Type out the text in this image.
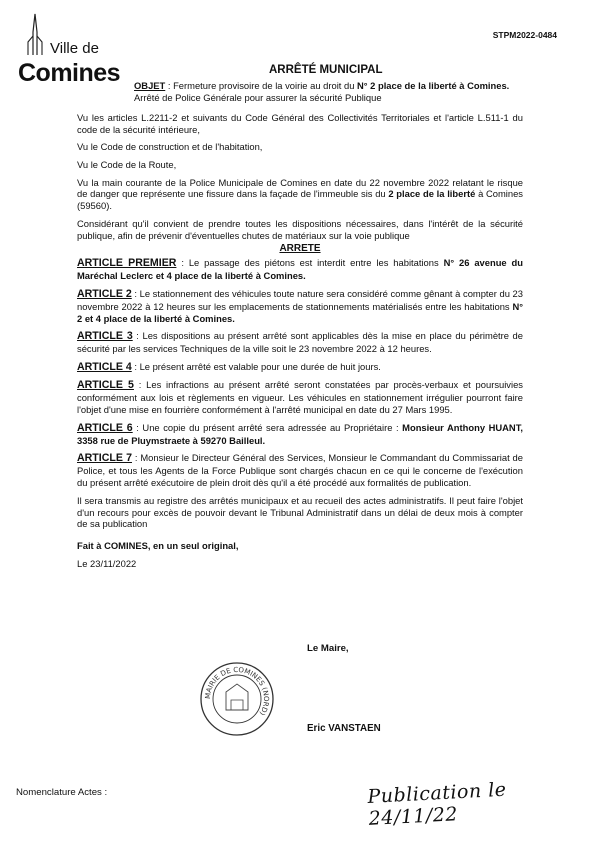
Ville de
Comines
STPM2022-0484
ARRÊTÉ MUNICIPAL

OBJET : Fermeture provisoire de la voirie au droit du N° 2 place de la liberté à Comines.
Arrêté de Police Générale pour assurer la sécurité Publique

Vu les articles L.2211-2 et suivants du Code Général des Collectivités Territoriales et l'article L.511-1 du code de la sécurité intérieure,

Vu le Code de construction et de l'habitation,

Vu le Code de la Route,

Vu la main courante de la Police Municipale de Comines en date du 22 novembre 2022 relatant le risque de danger que représente une fissure dans la façade de l'immeuble sis du 2 place de la liberté à Comines (59560).

Considérant qu'il convient de prendre toutes les dispositions nécessaires, dans l'intérêt de la sécurité publique, afin de prévenir d'éventuelles chutes de matériaux sur la voie publique

ARRETE

ARTICLE PREMIER : Le passage des piétons est interdit entre les habitations N° 26 avenue du Maréchal Leclerc et 4 place de la liberté à Comines.

ARTICLE 2 : Le stationnement des véhicules toute nature sera considéré comme gênant à compter du 23 novembre 2022 à 12 heures sur les emplacements de stationnements matérialisés entre les habitations N° 2 et 4 place de la liberté à Comines.

ARTICLE 3 : Les dispositions au présent arrêté sont applicables dès la mise en place du périmètre de sécurité par les services Techniques de la ville soit le 23 novembre 2022 à 12 heures.

ARTICLE 4 : Le présent arrêté est valable pour une durée de huit jours.

ARTICLE 5 : Les infractions au présent arrêté seront constatées par procès-verbaux et poursuivies conformément aux lois et règlements en vigueur. Les véhicules en stationnement irrégulier pourront faire l'objet d'une mise en fourrière conformément à l'arrêté municipal en date du 27 Mars 1995.

ARTICLE 6 : Une copie du présent arrêté sera adressée au Propriétaire : Monsieur Anthony HUANT, 3358 rue de Pluymstraete à 59270 Bailleul.

ARTICLE 7 : Monsieur le Directeur Général des Services, Monsieur le Commandant du Commissariat de Police, et tous les Agents de la Force Publique sont chargés chacun en ce qui le concerne de l'exécution du présent arrêté exécutoire de plein droit dès qu'il a été procédé aux formalités de publication.

Il sera transmis au registre des arrêtés municipaux et au recueil des actes administratifs. Il peut faire l'objet d'un recours pour excès de pouvoir devant le Tribunal Administratif dans un délai de deux mois à compter de sa publication

Fait à COMINES, en un seul original,

Le 23/11/2022

Le Maire,
MAIRIE DE COMINES (NORD)
Eric VANSTAEN
Nomenclature Actes :	Publication le 24/11/22
